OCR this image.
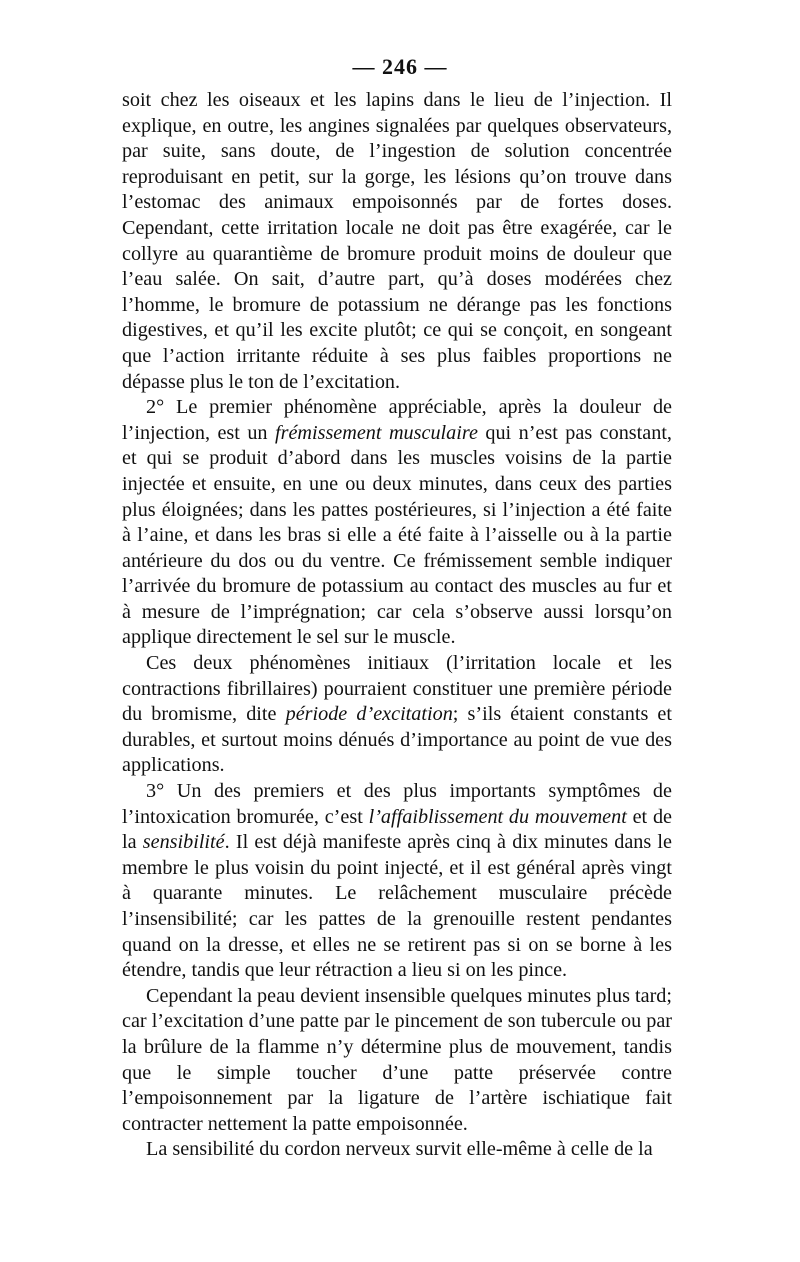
— 246 —

soit chez les oiseaux et les lapins dans le lieu de l’injection. Il explique, en outre, les angines signalées par quelques observateurs, par suite, sans doute, de l’ingestion de solution concentrée reproduisant en petit, sur la gorge, les lésions qu’on trouve dans l’estomac des animaux empoisonnés par de fortes doses. Cependant, cette irritation locale ne doit pas être exagérée, car le collyre au quarantième de bromure produit moins de douleur que l’eau salée. On sait, d’autre part, qu’à doses modérées chez l’homme, le bromure de potassium ne dérange pas les fonctions digestives, et qu’il les excite plutôt; ce qui se conçoit, en songeant que l’action irritante réduite à ses plus faibles proportions ne dépasse plus le ton de l’excitation.

2° Le premier phénomène appréciable, après la douleur de l’injection, est un frémissement musculaire qui n’est pas constant, et qui se produit d’abord dans les muscles voisins de la partie injectée et ensuite, en une ou deux minutes, dans ceux des parties plus éloignées; dans les pattes postérieures, si l’injection a été faite à l’aine, et dans les bras si elle a été faite à l’aisselle ou à la partie antérieure du dos ou du ventre. Ce frémissement semble indiquer l’arrivée du bromure de potassium au contact des muscles au fur et à mesure de l’imprégnation; car cela s’observe aussi lorsqu’on applique directement le sel sur le muscle.

Ces deux phénomènes initiaux (l’irritation locale et les contractions fibrillaires) pourraient constituer une première période du bromisme, dite période d’excitation; s’ils étaient constants et durables, et surtout moins dénués d’importance au point de vue des applications.

3° Un des premiers et des plus importants symptômes de l’intoxication bromurée, c’est l’affaiblissement du mouvement et de la sensibilité. Il est déjà manifeste après cinq à dix minutes dans le membre le plus voisin du point injecté, et il est général après vingt à quarante minutes. Le relâchement musculaire précède l’insensibilité; car les pattes de la grenouille restent pendantes quand on la dresse, et elles ne se retirent pas si on se borne à les étendre, tandis que leur rétraction a lieu si on les pince.

Cependant la peau devient insensible quelques minutes plus tard; car l’excitation d’une patte par le pincement de son tubercule ou par la brûlure de la flamme n’y détermine plus de mouvement, tandis que le simple toucher d’une patte préservée contre l’empoisonnement par la ligature de l’artère ischiatique fait contracter nettement la patte empoisonnée.

La sensibilité du cordon nerveux survit elle-même à celle de la
